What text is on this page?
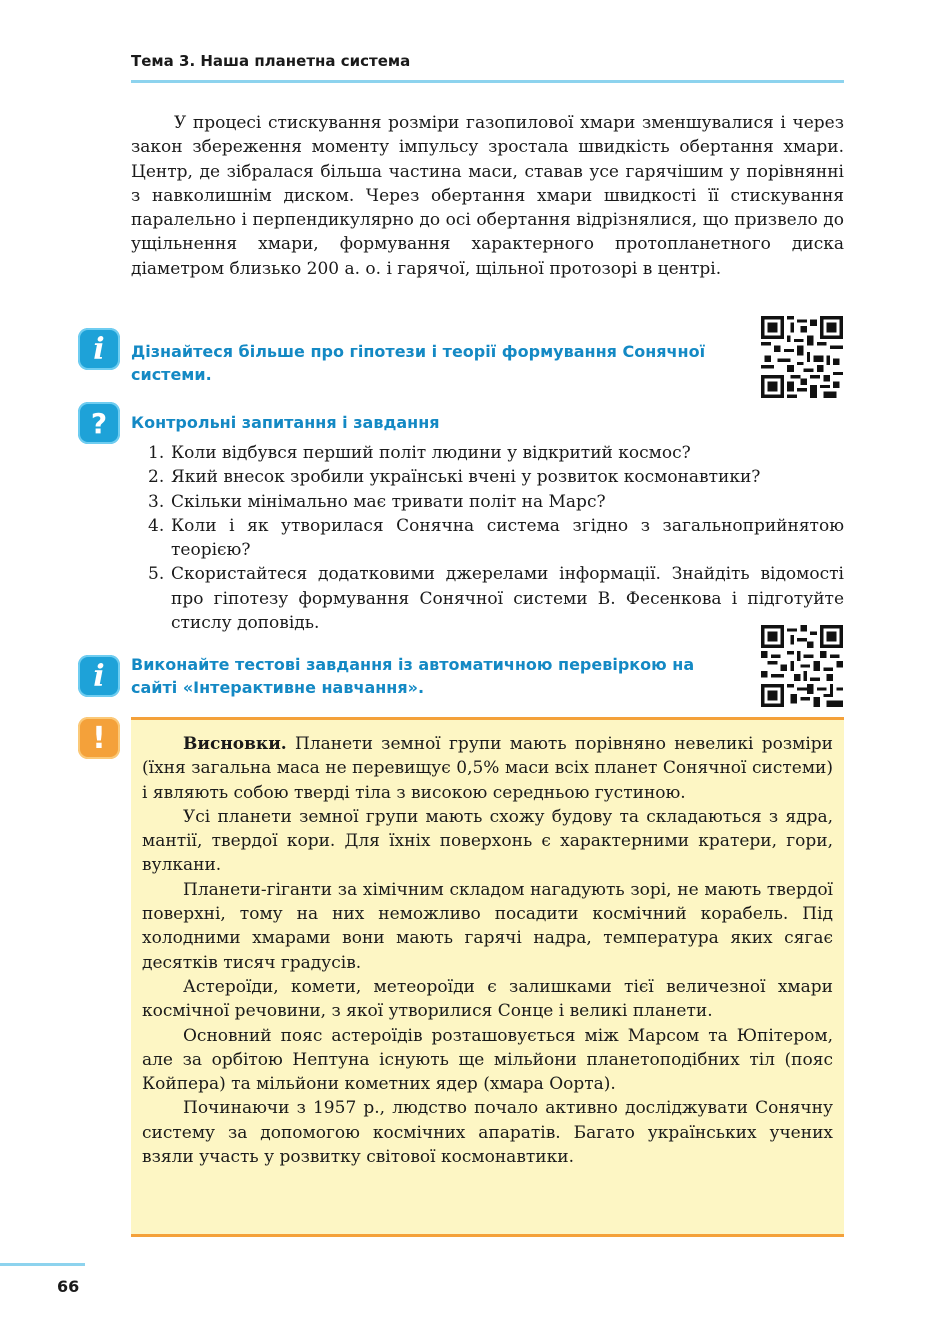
Тема 3. Наша планетна система

У процесі стискування розміри газопилової хмари зменшувалися і через закон збереження моменту імпульсу зростала швидкість обертання хмари. Центр, де зібралася більша частина маси, ставав усе гарячішим у порівнянні з навколишнім диском. Через обертання хмари швидкості її стискування паралельно і перпендикулярно до осі обертання відрізнялися, що призвело до ущільнення хмари, формування характерного протопланетного диска діаметром близько 200 а. о. і гарячої, щільної протозорі в центрі.

i	Дізнайтеся більше про гіпотези і теорії формування Сонячної системи.
?	Контрольні запитання і завдання
1. Коли відбувся перший політ людини у відкритий космос?
2. Який внесок зробили українські вчені у розвиток космонавтики?
3. Скільки мінімально має тривати політ на Марс?
4. Коли і як утворилася Сонячна система згідно з загальноприйнятою теорією?
5. Скористайтеся додатковими джерелами інформації. Знайдіть відомості про гіпотезу формування Сонячної системи В. Фесенкова і підготуйте стислу доповідь.
i	Виконайте тестові завдання із автоматичною перевіркою на сайті «Інтерактивне навчання».
!	Висновки. Планети земної групи мають порівняно невеликі розміри (їхня загальна маса не перевищує 0,5% маси всіх планет Сонячної системи) і являють собою тверді тіла з високою середньою густиною.

Усі планети земної групи мають схожу будову та складаються з ядра, мантії, твердої кори. Для їхніх поверхонь є характерними кратери, гори, вулкани.

Планети-гіганти за хімічним складом нагадують зорі, не мають твердої поверхні, тому на них неможливо посадити космічний корабель. Під холодними хмарами вони мають гарячі надра, температура яких сягає десятків тисяч градусів.

Астероїди, комети, метеороїди є залишками тієї величезної хмари космічної речовини, з якої утворилися Сонце і великі планети.

Основний пояс астероїдів розташовується між Марсом та Юпітером, але за орбітою Нептуна існують ще мільйони планетоподібних тіл (пояс Койпера) та мільйони кометних ядер (хмара Оорта).

Починаючи з 1957 р., людство почало активно досліджувати Сонячну систему за допомогою космічних апаратів. Багато українських учених взяли участь у розвитку світової космонавтики.

66
